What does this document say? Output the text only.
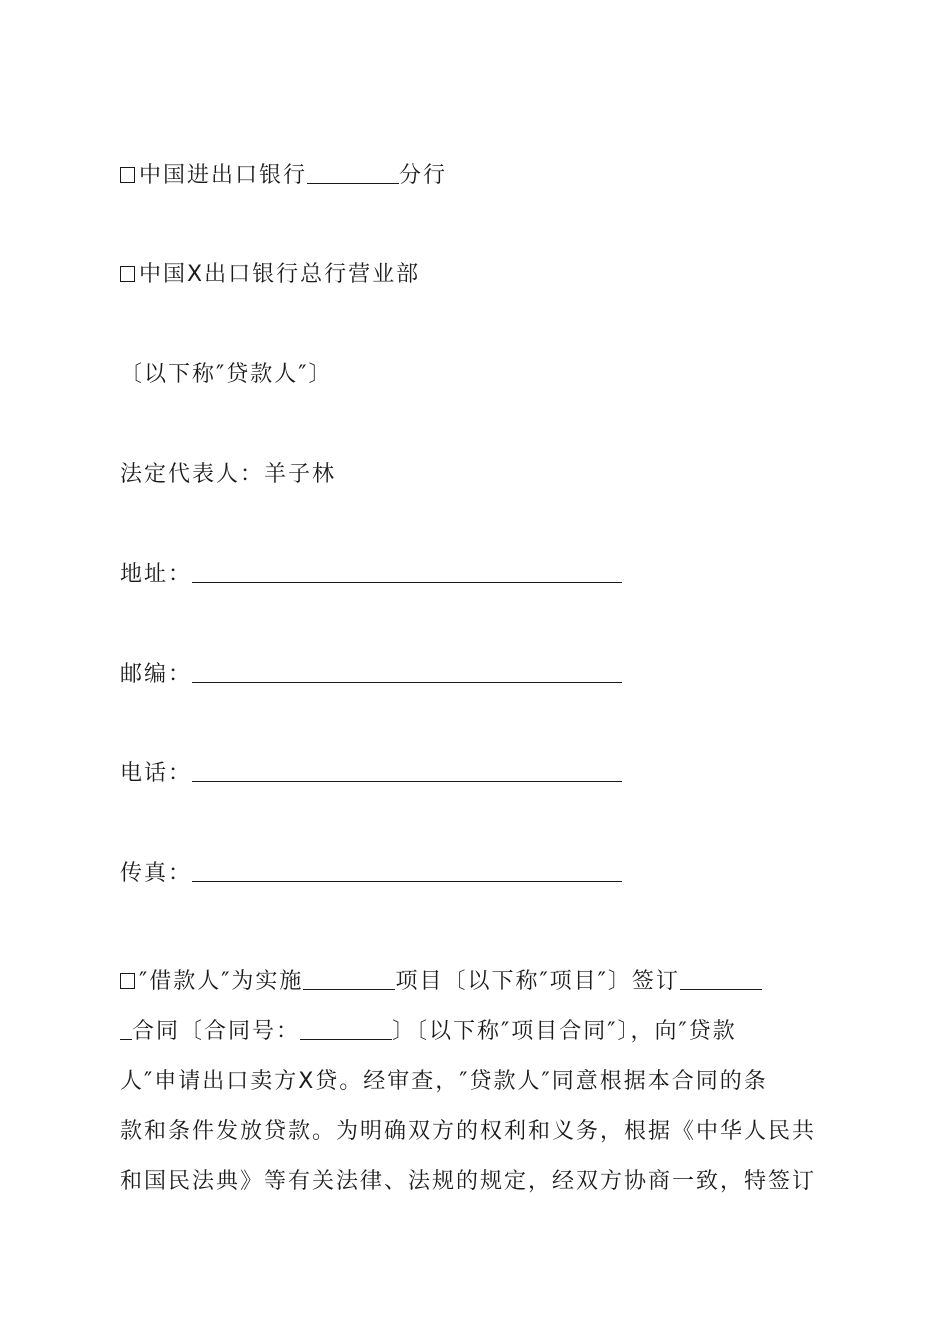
中国进出口银行	分行
中国X出口银行总行营业部
〔以下称″贷款人″〕
法定代表人：羊子林
地址：
邮编：
电话：
传真：
″借款人″为实施	项目〔以下称″项目″〕签订
合同〔合同号：	〕〔以下称″项目合同″〕，向″贷款
人″申请出口卖方X贷。经审查，″贷款人″同意根据本合同的条
款和条件发放贷款。为明确双方的权利和义务，根据《中华人民共
和国民法典》等有关法律、法规的规定，经双方协商一致，特签订
